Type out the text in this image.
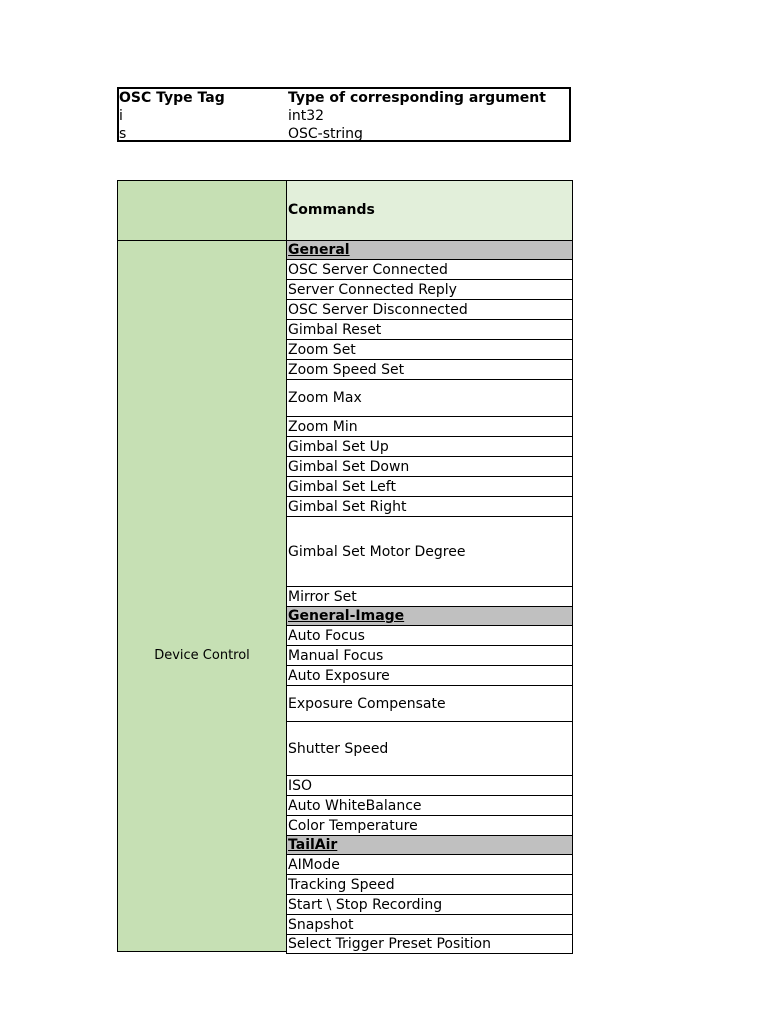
OSC Type Tag	Type of corresponding argument
i	int32
s	OSC-string
Commands
Device Control
General
OSC Server Connected
Server Connected Reply
OSC Server Disconnected
Gimbal Reset
Zoom Set
Zoom Speed Set
Zoom Max
Zoom Min
Gimbal Set Up
Gimbal Set Down
Gimbal Set Left
Gimbal Set Right
Gimbal Set Motor Degree
Mirror Set
General-Image
Auto Focus
Manual Focus
Auto Exposure
Exposure Compensate
Shutter Speed
ISO
Auto WhiteBalance
Color Temperature
TailAir
AIMode
Tracking Speed
Start \ Stop Recording
Snapshot
Select Trigger Preset Position
